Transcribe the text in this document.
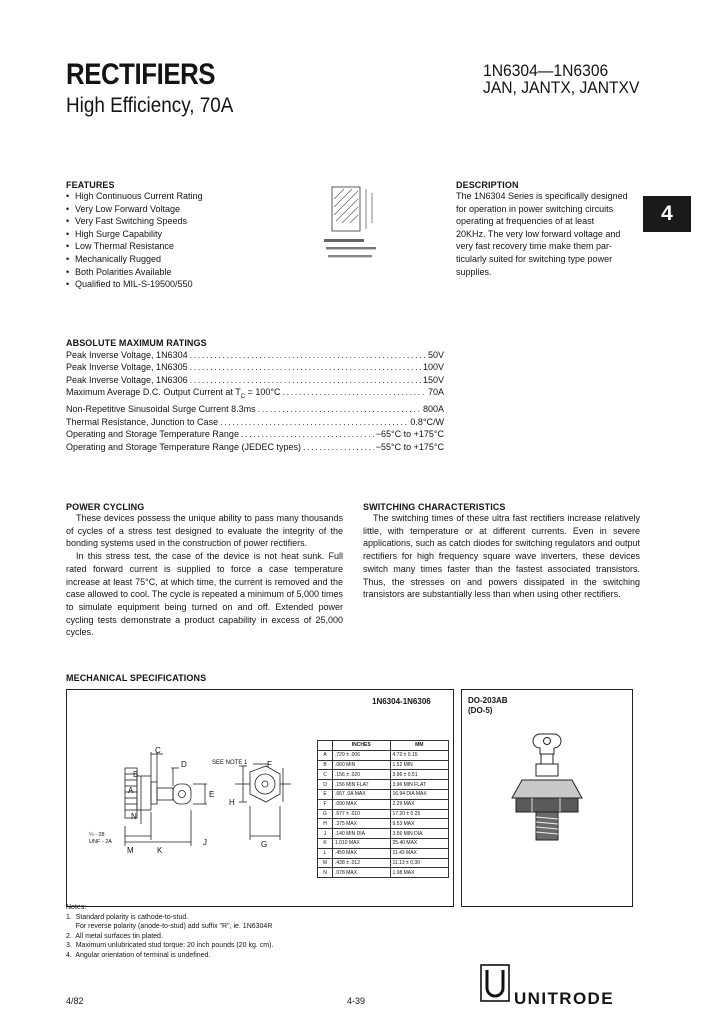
RECTIFIERS
High Efficiency, 70A
1N6304—1N6306
JAN, JANTX, JANTXV
4
FEATURES
• High Continuous Current Rating
• Very Low Forward Voltage
• Very Fast Switching Speeds
• High Surge Capability
• Low Thermal Resistance
• Mechanically Rugged
• Both Polarities Available
• Qualified to MIL-S-19500/550
DESCRIPTION
The 1N6304 Series is specifically designed
for operation in power switching circuits
operating at frequencies of at least
20KHz. The very low forward voltage and
very fast recovery time make them par-
ticularly suited for switching type power
supplies.
ABSOLUTE MAXIMUM RATINGS
Peak Inverse Voltage, 1N6304 .....	50V
Peak Inverse Voltage, 1N6305 .....	100V
Peak Inverse Voltage, 1N6306 .....	150V
Maximum Average D.C. Output Current at $T_C = 100^\circ C$ .....	70A
Non-Repetitive Sinusoidal Surge Current 8.3ms .....	800A
Thermal Resistance, Junction to Case .....	0.8°C/W
Operating and Storage Temperature Range .....	−65°C to +175°C
Operating and Storage Temperature Range (JEDEC types) .....	−55°C to +175°C
POWER CYCLING

These devices possess the unique ability to pass many thousands of cycles of a stress test designed to evaluate the integrity of the bonding systems used in the construction of power rectifiers.

In this stress test, the case of the device is not heat sunk. Full rated forward current is supplied to force a case temperature increase at least 75°C, at which time, the current is removed and the case allowed to cool. The cycle is repeated a minimum of 5,000 times to simulate equipment being turned on and off. Extended power cycling tests demonstrate a product capability in excess of 25,000 cycles.

SWITCHING CHARACTERISTICS

The switching times of these ultra fast rectifiers increase relatively little, with temperature or at different currents. Even in severe applications, such as catch diodes for switching regulators and output rectifiers for high frequency square wave inverters, these devices switch many times faster than the fastest associated transistors. Thus, the stresses on and powers dissipated in the switching transistors are substantially less than when using other rectifiers.

MECHANICAL SPECIFICATIONS
1N6304-1N6306
SEE NOTE 1
¼ - 28
UNF - 2A
C
D
B
A	E
F
G
H
J
K
M
N
	INCHES	MM
A	.729 ± .006	4.72 ± 0.15
B	.060 MIN	1.52 MIN
C	.156 ± .020	3.96 ± 0.51
D	.156 MIN FLAT	3.96 MIN FLAT
E	.667 .0A MAX	16.94 DIA MAX
F	.090 MAX	2.29 MAX
G	.677 ± .010	17.20 ± 0.25
H	.375 MAX	9.53 MAX
J	.140 MIN DIA	3.56 MIN DIA
K	1.010 MAX	25.40 MAX
L	.450 MAX	11.43 MAX
M	.438 ± .012	11.13 ± 0.30
N	.078 MAX	1.98 MAX
DO-203AB
(DO-5)
Notes:
1.  Standard polarity is cathode-to-stud.
For reverse polarity (anode-to-stud) add suffix "R", ie. 1N6304R
2.  All metal surfaces tin plated.
3.  Maximum unlubricated stud torque: 20 inch pounds (20 kg. cm).
4.  Angular orientation of terminal is undefined.
4/82	4-39	UNITRODE
